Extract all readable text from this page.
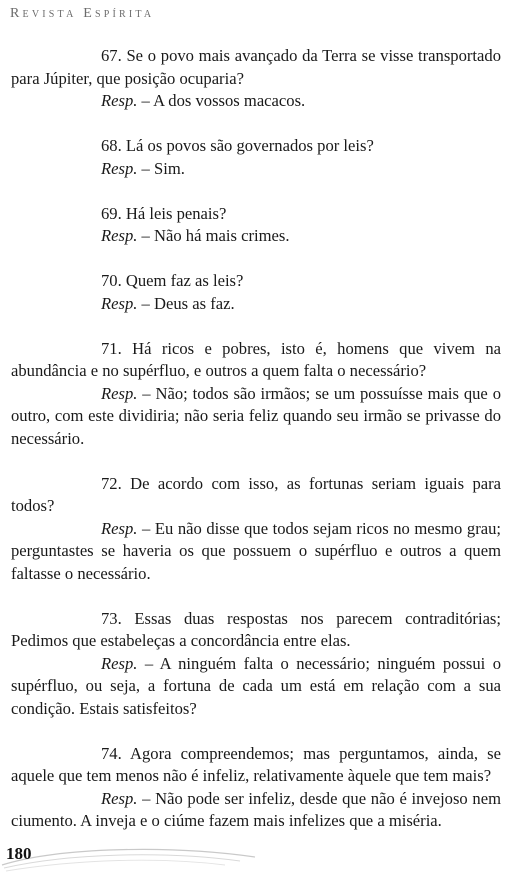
Revista Espírita

67. Se o povo mais avançado da Terra se visse transportado para Júpiter, que posição ocuparia?

Resp. – A dos vossos macacos.

68. Lá os povos são governados por leis?

Resp. – Sim.

69. Há leis penais?

Resp. – Não há mais crimes.

70. Quem faz as leis?

Resp. – Deus as faz.

71. Há ricos e pobres, isto é, homens que vivem na abundância e no supérfluo, e outros a quem falta o necessário?

Resp. – Não; todos são irmãos; se um possuísse mais que o outro, com este dividiria; não seria feliz quando seu irmão se privasse do necessário.

72. De acordo com isso, as fortunas seriam iguais para todos?

Resp. – Eu não disse que todos sejam ricos no mesmo grau; perguntastes se haveria os que possuem o supérfluo e outros a quem faltasse o necessário.

73. Essas duas respostas nos parecem contraditórias; Pedimos que estabeleças a concordância entre elas.

Resp. – A ninguém falta o necessário; ninguém possui o supérfluo, ou seja, a fortuna de cada um está em relação com a sua condição. Estais satisfeitos?

74. Agora compreendemos; mas perguntamos, ainda, se aquele que tem menos não é infeliz, relativamente àquele que tem mais?

Resp. – Não pode ser infeliz, desde que não é invejoso nem ciumento. A inveja e o ciúme fazem mais infelizes que a miséria.

180
